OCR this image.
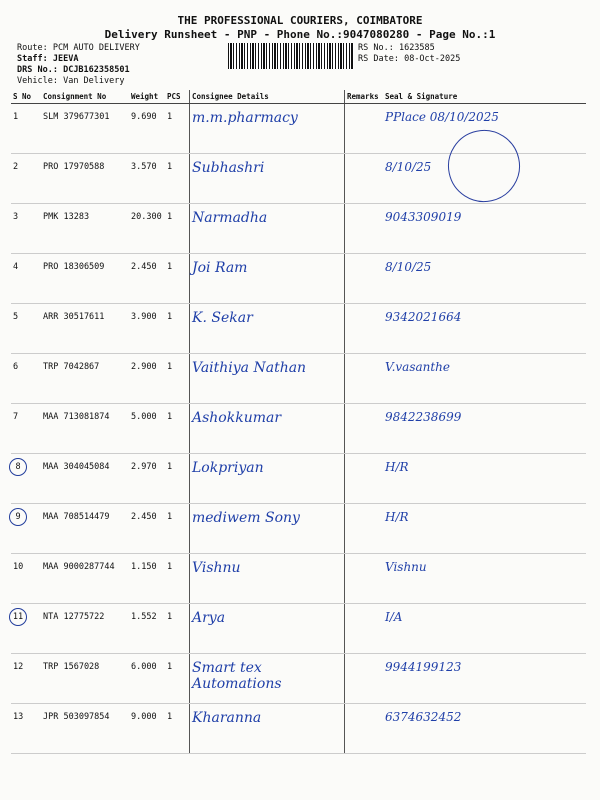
THE PROFESSIONAL COURIERS, COIMBATORE
Delivery Runsheet - PNP - Phone No.:9047080280 - Page No.:1
Route: PCM AUTO DELIVERY
Staff: JEEVA
DRS No.: DCJB162358501
Vehicle: Van Delivery
RS No.: 1623585
RS Date: 08-Oct-2025
S No	Consignment No	Weight	PCS	Consignee Details	Remarks	Seal & Signature
1	SLM 379677301	9.690	1	m.m.pharmacy		PPlace 08/10/2025
2	PRO 17970588	3.570	1	Subhashri		8/10/25
3	PMK 13283	20.300	1	Narmadha		9043309019
4	PRO 18306509	2.450	1	Joi Ram		8/10/25
5	ARR 30517611	3.900	1	K. Sekar		9342021664
6	TRP 7042867	2.900	1	Vaithiya Nathan		V.vasanthe
7	MAA 713081874	5.000	1	Ashokkumar		9842238699
8	MAA 304045084	2.970	1	Lokpriyan		H/R
9	MAA 708514479	2.450	1	mediwem Sony		H/R
10	MAA 9000287744	1.150	1	Vishnu		Vishnu
11	NTA 12775722	1.552	1	Arya		I/A
12	TRP 1567028	6.000	1	Smart tex Automations		9944199123
13	JPR 503097854	9.000	1	Kharanna		6374632452
